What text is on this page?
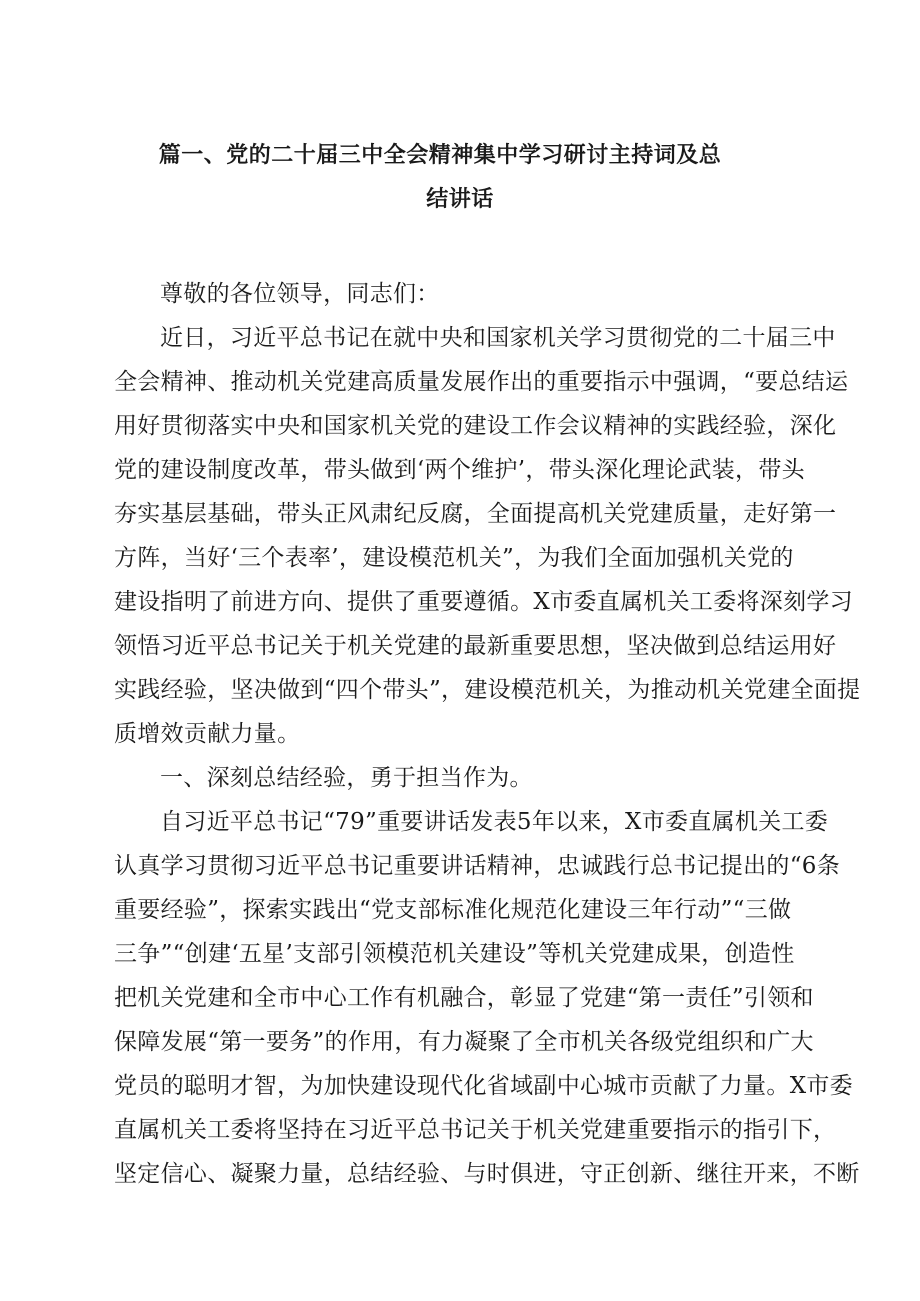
篇一、党的二十届三中全会精神集中学习研讨主持词及总
结讲话
尊敬的各位领导，同志们：
近日，习近平总书记在就中央和国家机关学习贯彻党的二十届三中
全会精神、推动机关党建高质量发展作出的重要指示中强调，“要总结运
用好贯彻落实中央和国家机关党的建设工作会议精神的实践经验，深化
党的建设制度改革，带头做到‘两个维护’，带头深化理论武装，带头
夯实基层基础，带头正风肃纪反腐，全面提高机关党建质量，走好第一
方阵，当好‘三个表率’，建设模范机关”，为我们全面加强机关党的
建设指明了前进方向、提供了重要遵循。X市委直属机关工委将深刻学习
领悟习近平总书记关于机关党建的最新重要思想，坚决做到总结运用好
实践经验，坚决做到“四个带头”，建设模范机关，为推动机关党建全面提
质增效贡献力量。
一、深刻总结经验，勇于担当作为。
自习近平总书记“79”重要讲话发表5年以来，X市委直属机关工委
认真学习贯彻习近平总书记重要讲话精神，忠诚践行总书记提出的“6条
重要经验”，探索实践出“党支部标准化规范化建设三年行动”“三做
三争”“创建‘五星’支部引领模范机关建设”等机关党建成果，创造性
把机关党建和全市中心工作有机融合，彰显了党建“第一责任”引领和
保障发展“第一要务”的作用，有力凝聚了全市机关各级党组织和广大
党员的聪明才智，为加快建设现代化省域副中心城市贡献了力量。X市委
直属机关工委将坚持在习近平总书记关于机关党建重要指示的指引下，
坚定信心、凝聚力量，总结经验、与时俱进，守正创新、继往开来，不断
